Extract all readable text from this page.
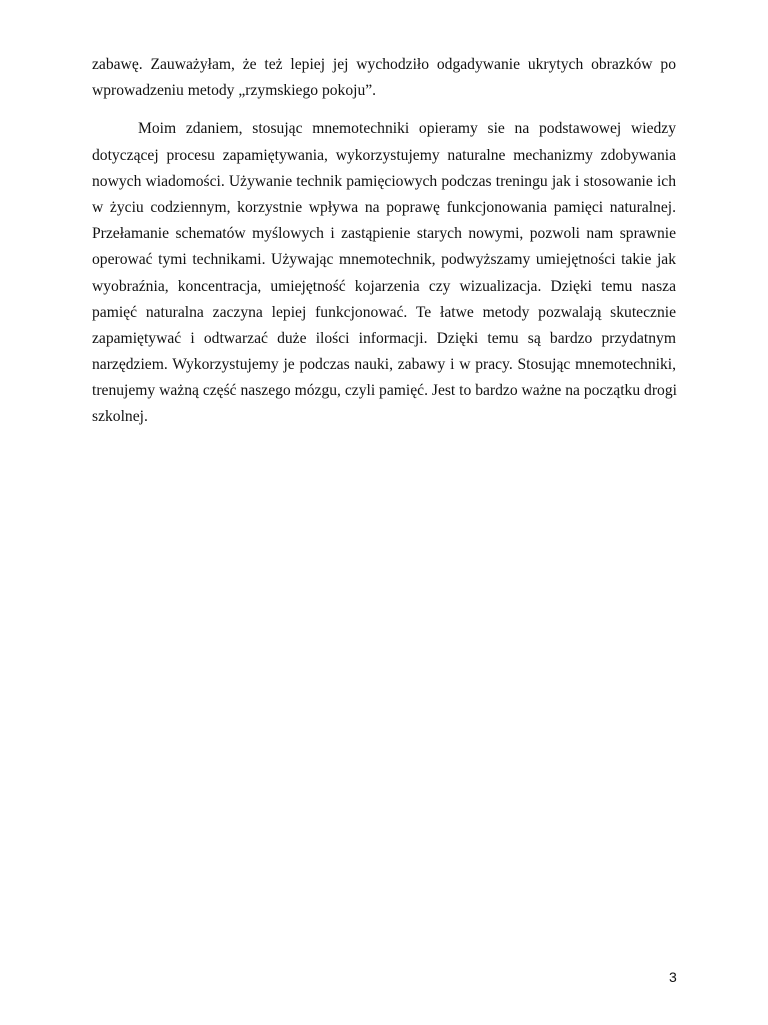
zabawę. Zauważyłam, że też lepiej jej wychodziło odgadywanie ukrytych obrazków po
wprowadzeniu metody „rzymskiego pokoju”.
Moim zdaniem, stosując mnemotechniki opieramy sie na podstawowej wiedzy
dotyczącej procesu zapamiętywania, wykorzystujemy naturalne mechanizmy zdobywania
nowych wiadomości. Używanie technik pamięciowych podczas treningu jak i stosowanie ich
w życiu codziennym, korzystnie wpływa na poprawę funkcjonowania pamięci naturalnej.
Przełamanie schematów myślowych i zastąpienie starych nowymi, pozwoli nam sprawnie
operować tymi technikami. Używając mnemotechnik, podwyższamy umiejętności takie jak
wyobraźnia, koncentracja, umiejętność kojarzenia czy wizualizacja. Dzięki temu nasza
pamięć naturalna zaczyna lepiej funkcjonować. Te łatwe metody pozwalają skutecznie
zapamiętywać i odtwarzać duże ilości informacji. Dzięki temu są bardzo przydatnym
narzędziem. Wykorzystujemy je podczas nauki, zabawy i w pracy. Stosując mnemotechniki,
trenujemy ważną część naszego mózgu, czyli pamięć. Jest to bardzo ważne na początku drogi
szkolnej.
3
